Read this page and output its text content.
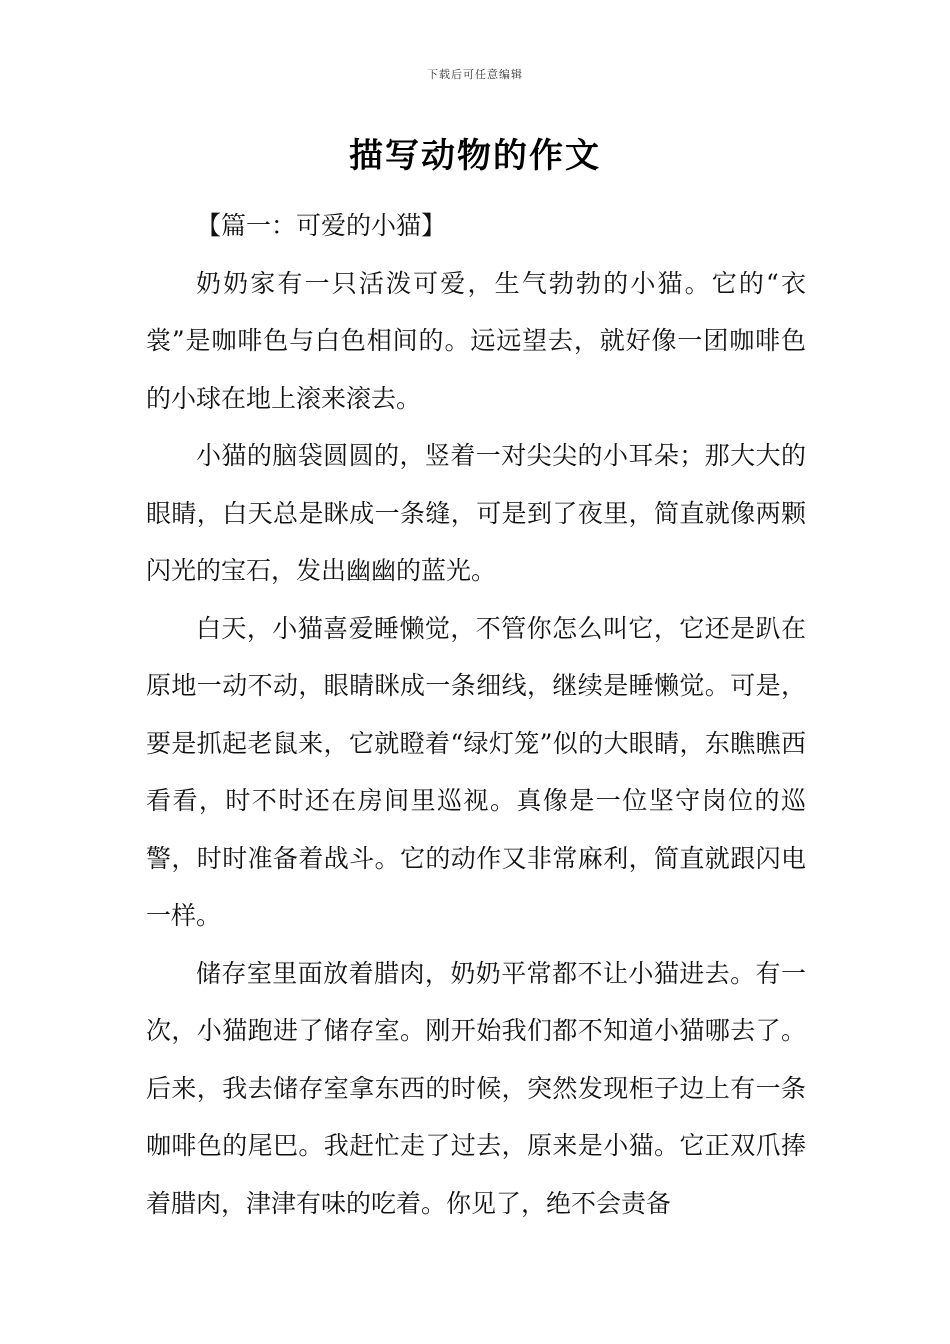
下载后可任意编辑
描写动物的作文

【篇一：可爱的小猫】

奶奶家有一只活泼可爱，生气勃勃的小猫。它的“衣裳”是咖啡色与白色相间的。远远望去，就好像一团咖啡色的小球在地上滚来滚去。

小猫的脑袋圆圆的，竖着一对尖尖的小耳朵；那大大的眼睛，白天总是眯成一条缝，可是到了夜里，简直就像两颗闪光的宝石，发出幽幽的蓝光。

白天，小猫喜爱睡懒觉，不管你怎么叫它，它还是趴在原地一动不动，眼睛眯成一条细线，继续是睡懒觉。可是，要是抓起老鼠来，它就瞪着“绿灯笼”似的大眼睛，东瞧瞧西看看，时不时还在房间里巡视。真像是一位坚守岗位的巡警，时时准备着战斗。它的动作又非常麻利，简直就跟闪电一样。

储存室里面放着腊肉，奶奶平常都不让小猫进去。有一次，小猫跑进了储存室。刚开始我们都不知道小猫哪去了。后来，我去储存室拿东西的时候，突然发现柜子边上有一条咖啡色的尾巴。我赶忙走了过去，原来是小猫。它正双爪捧着腊肉，津津有味的吃着。你见了，绝不会责备
